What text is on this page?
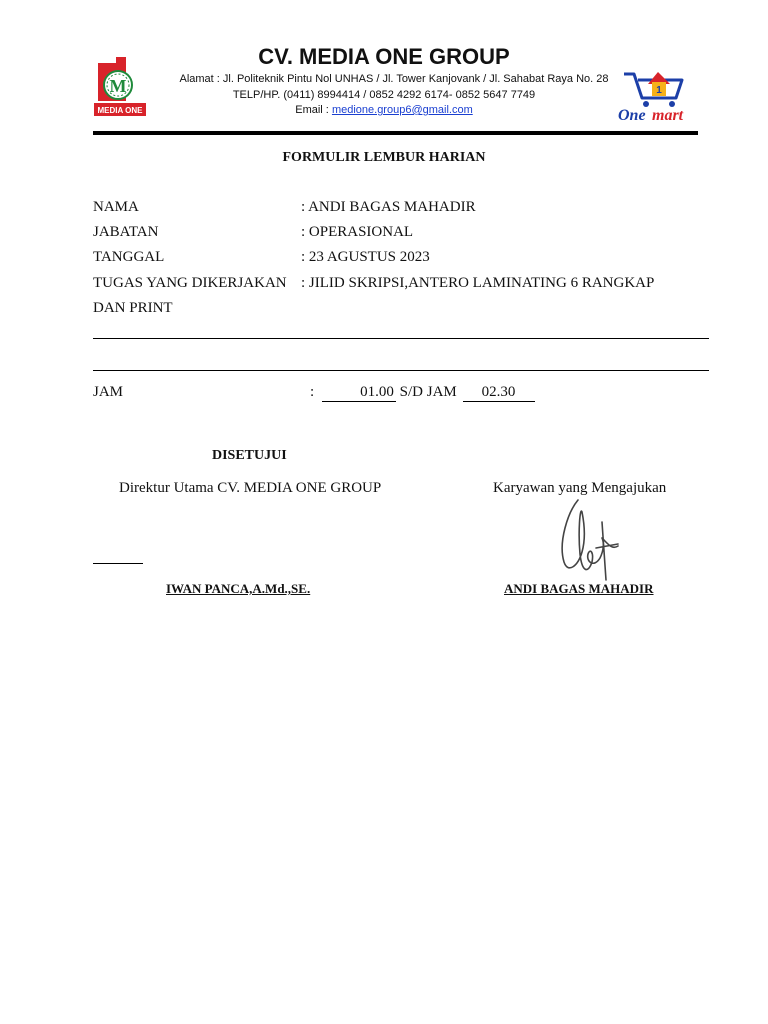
M
MEDIA ONE
1
One mart
CV. MEDIA ONE GROUP
Alamat : Jl. Politeknik Pintu Nol UNHAS / Jl. Tower Kanjovank / Jl. Sahabat Raya No. 28
TELP/HP. (0411) 8994414 / 0852 4292 6174- 0852 5647 7749
Email : medione.group6@gmail.com
FORMULIR LEMBUR HARIAN
NAMA	: ANDI BAGAS MAHADIR
JABATAN	: OPERASIONAL
TANGGAL	: 23 AGUSTUS 2023
TUGAS YANG DIKERJAKAN : JILID SKRIPSI,ANTERO LAMINATING 6 RANGKAP
DAN PRINT
JAM	:	01.00 S/D JAM 02.30
DISETUJUI
Direktur Utama CV. MEDIA ONE GROUP	Karyawan yang Mengajukan
IWAN PANCA,A.Md.,SE.	ANDI BAGAS MAHADIR
